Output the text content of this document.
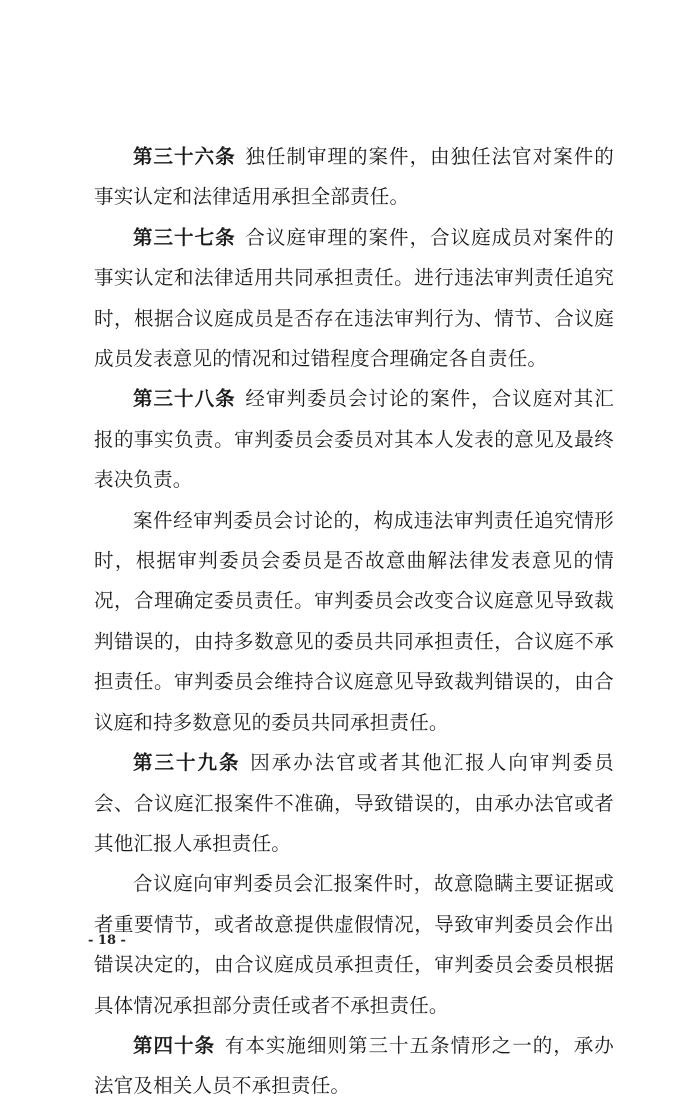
第三十六条 独任制审理的案件，由独任法官对案件的事实认定和法律适用承担全部责任。

第三十七条 合议庭审理的案件，合议庭成员对案件的事实认定和法律适用共同承担责任。进行违法审判责任追究时，根据合议庭成员是否存在违法审判行为、情节、合议庭成员发表意见的情况和过错程度合理确定各自责任。

第三十八条 经审判委员会讨论的案件，合议庭对其汇报的事实负责。审判委员会委员对其本人发表的意见及最终表决负责。

案件经审判委员会讨论的，构成违法审判责任追究情形时，根据审判委员会委员是否故意曲解法律发表意见的情况，合理确定委员责任。审判委员会改变合议庭意见导致裁判错误的，由持多数意见的委员共同承担责任，合议庭不承担责任。审判委员会维持合议庭意见导致裁判错误的，由合议庭和持多数意见的委员共同承担责任。

第三十九条 因承办法官或者其他汇报人向审判委员会、合议庭汇报案件不准确，导致错误的，由承办法官或者其他汇报人承担责任。

合议庭向审判委员会汇报案件时，故意隐瞒主要证据或者重要情节，或者故意提供虚假情况，导致审判委员会作出错误决定的，由合议庭成员承担责任，审判委员会委员根据具体情况承担部分责任或者不承担责任。

第四十条 有本实施细则第三十五条情形之一的，承办法官及相关人员不承担责任。

- 18 -
